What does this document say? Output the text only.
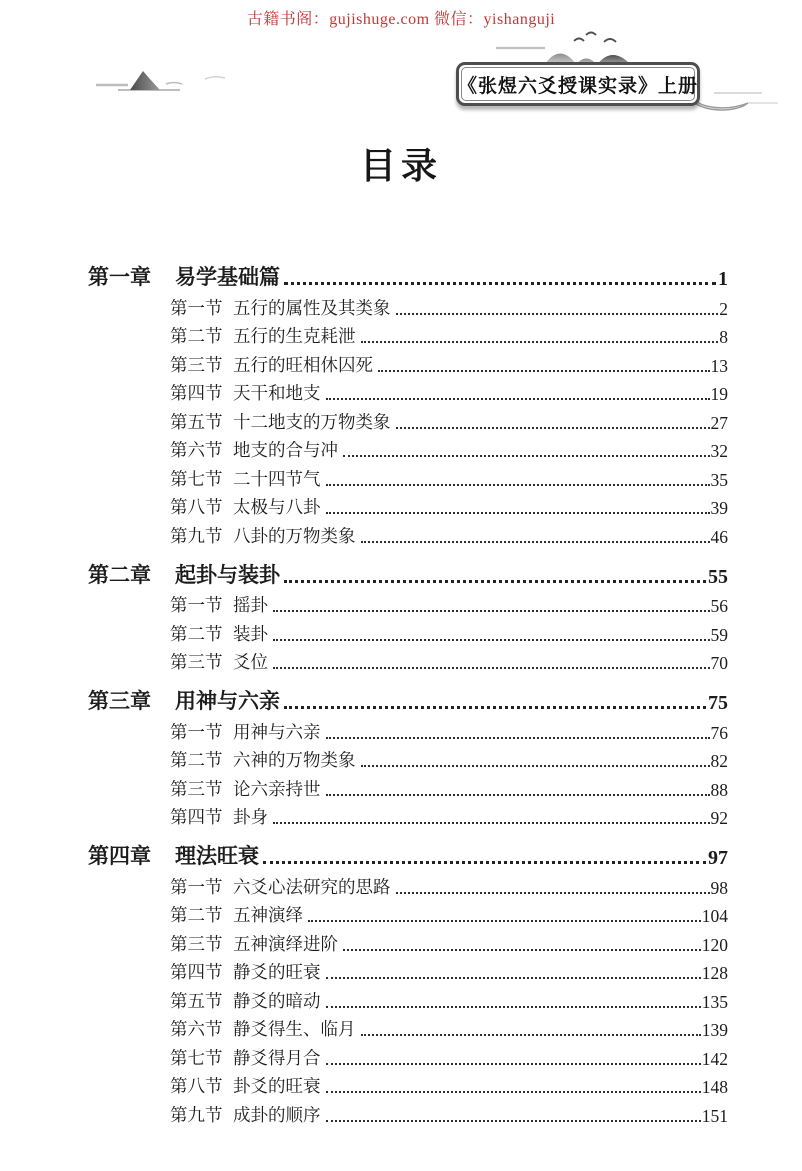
古籍书阁：gujishuge.com 微信：yishanguji
《张煜六爻授课实录》上册
目录
第一章	易学基础篇	1
第一节 五行的属性及其类象	2
第二节 五行的生克耗泄	8
第三节 五行的旺相休囚死	13
第四节 天干和地支	19
第五节 十二地支的万物类象	27
第六节 地支的合与冲	32
第七节 二十四节气	35
第八节 太极与八卦	39
第九节 八卦的万物类象	46
第二章	起卦与装卦	55
第一节 摇卦	56
第二节 装卦	59
第三节 爻位	70
第三章	用神与六亲	75
第一节 用神与六亲	76
第二节 六神的万物类象	82
第三节 论六亲持世	88
第四节 卦身	92
第四章	理法旺衰	97
第一节 六爻心法研究的思路	98
第二节 五神演绎	104
第三节 五神演绎进阶	120
第四节 静爻的旺衰	128
第五节 静爻的暗动	135
第六节 静爻得生、临月	139
第七节 静爻得月合	142
第八节 卦爻的旺衰	148
第九节 成卦的顺序	151
